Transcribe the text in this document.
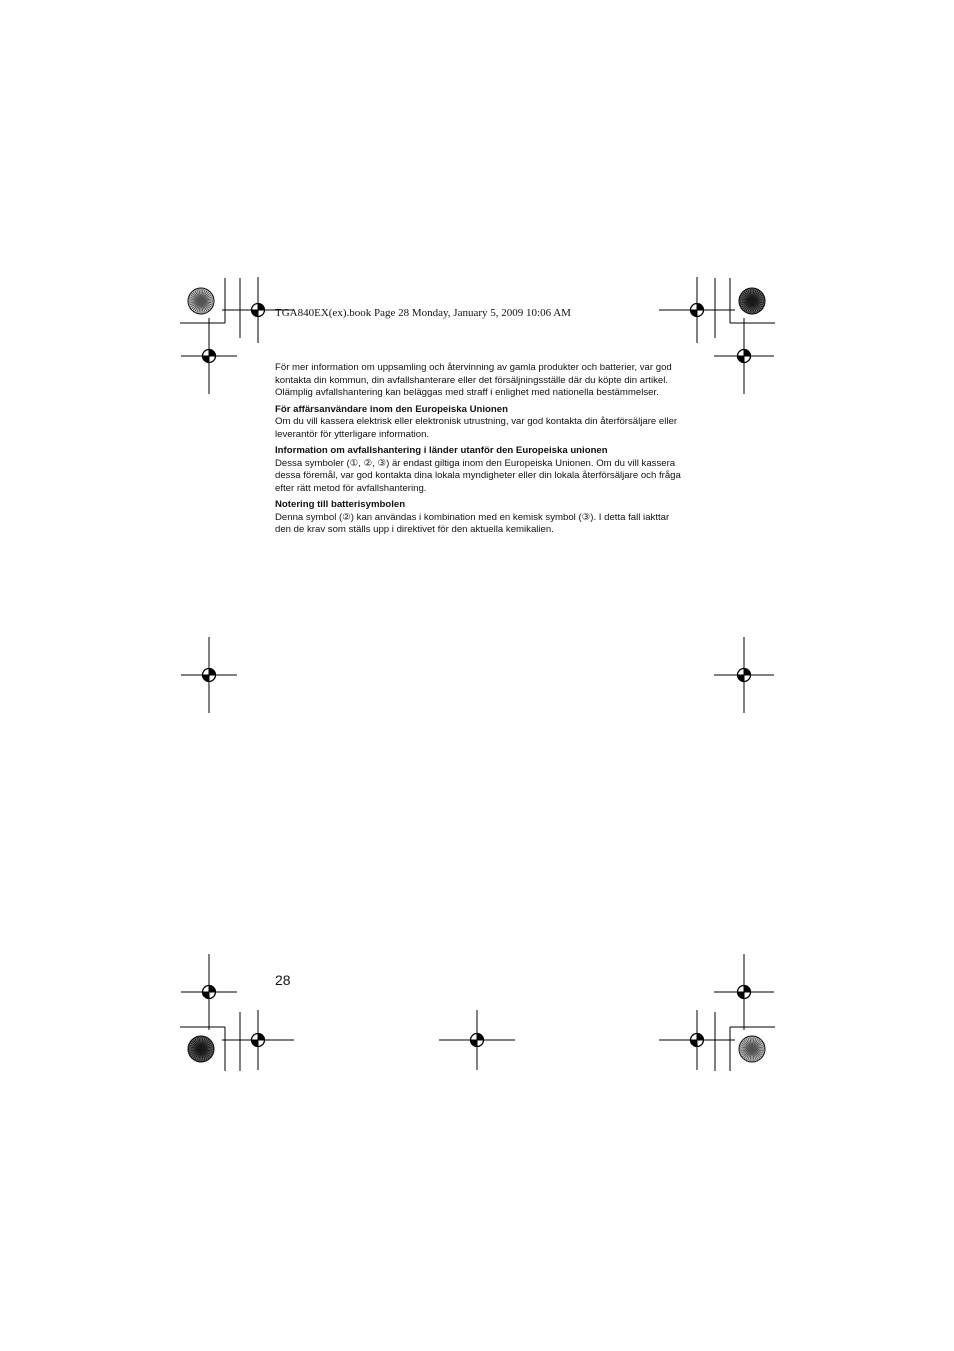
TGA840EX(ex).book Page 28 Monday, January 5, 2009 10:06 AM

För mer information om uppsamling och återvinning av gamla produkter och batterier, var god kontakta din kommun, din avfallshanterare eller det försäljningsställe där du köpte din artikel.

Olämplig avfallshantering kan beläggas med straff i enlighet med nationella bestämmelser.

För affärsanvändare inom den Europeiska Unionen

Om du vill kassera elektrisk eller elektronisk utrustning, var god kontakta din återförsäljare eller leverantör för ytterligare information.

Information om avfallshantering i länder utanför den Europeiska unionen

Dessa symboler (①, ②, ③) är endast giltiga inom den Europeiska Unionen. Om du vill kassera dessa föremål, var god kontakta dina lokala myndigheter eller din lokala återförsäljare och fråga efter rätt metod för avfallshantering.

Notering till batterisymbolen

Denna symbol (②) kan användas i kombination med en kemisk symbol (③). I detta fall iakttar den de krav som ställs upp i direktivet för den aktuella kemikalien.

28
